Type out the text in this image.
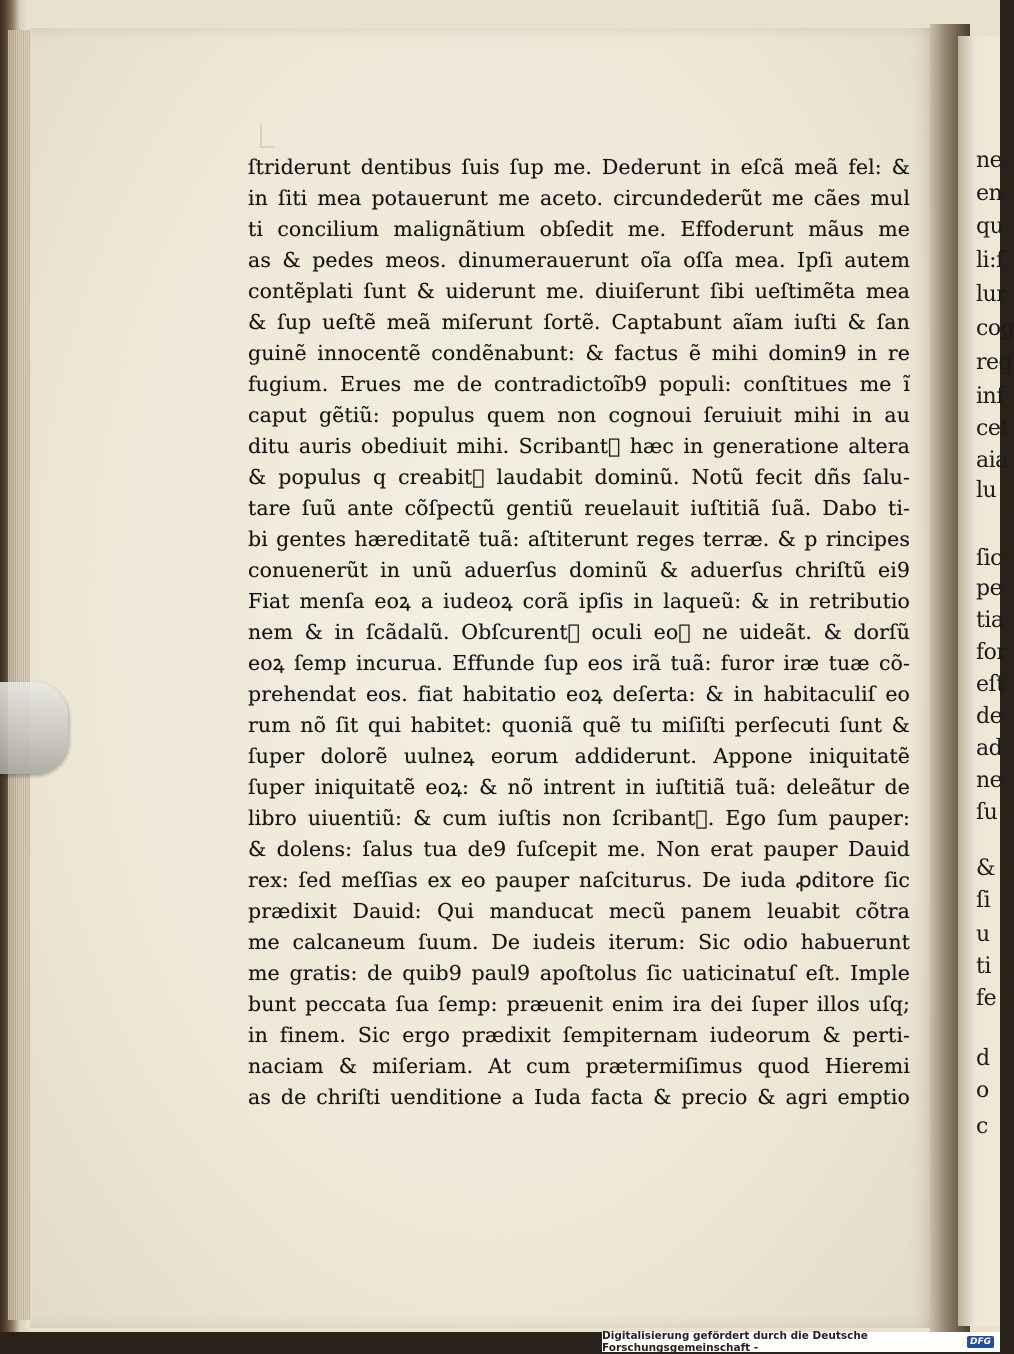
ſtriderunt dentibus ſuis ſup me. Dederunt in eſcã meã fel: &
in ſiti mea potauerunt me aceto. circundederũt me cães mul
ti concilium malignãtium obſedit me. Effoderunt mãus me
as & pedes meos. dinumerauerunt oĩa oſſa mea. Ipſi autem
contẽplati ſunt & uiderunt me. diuiſerunt ſibi ueſtimẽta mea
& ſup ueſtẽ meã miſerunt ſortẽ. Captabunt aĩam iuſti & ſan
guinẽ innocentẽ condẽnabunt: & factus ẽ mihi domin9 in re
fugium. Erues me de contradictoĩb9 populi: conſtitues me ĩ
caput gẽtiũ: populus quem non cognoui ſeruiuit mihi in au
ditu auris obediuit mihi. Scribantᷓ hæc in generatione altera
& populus q creabitᷓ laudabit dominũ. Notũ fecit dñs ſalu-
tare ſuũ ante cõſpectũ gentiũ reuelauit iuſtitiã ſuã. Dabo ti-
bi gentes hæreditatẽ tuã: aſtiterunt reges terræ. & p rincipes
conuenerũt in unũ aduerſus dominũ & aduerſus chriſtũ ei9
Fiat menſa eoꝝ a iudeoꝝ corã ipſis in laqueũ: & in retributio
nem & in ſcãdalũ. Obſcurentᷓ oculi eoꝝ ne uideãt. & dorſũ
eoꝝ ſemp incurua. Effunde ſup eos irã tuã: furor iræ tuæ cõ-
prehendat eos. fiat habitatio eoꝝ deſerta: & in habitaculiſ eo
rum nõ ſit qui habitet: quoniã quẽ tu miſiſti perſecuti ſunt &
ſuper dolorẽ uulneꝝ eorum addiderunt. Appone iniquitatẽ
ſuper iniquitatẽ eoꝝ: & nõ intrent in iuſtitiã tuã: deleãtur de
libro uiuentiũ: & cum iuſtis non ſcribantᷓ. Ego ſum pauper:
& dolens: ſalus tua de9 ſuſcepit me. Non erat pauper Dauid
rex: ſed meſſias ex eo pauper naſciturus. De iuda ꝓditore ſic
prædixit Dauid: Qui manducat mecũ panem leuabit cõtra
me calcaneum ſuum. De iudeis iterum: Sic odio habuerunt
me gratis: de quib9 paul9 apoſtolus ſic uaticinatuſ eſt. Imple
bunt peccata ſua ſemp: præuenit enim ira dei ſuper illos uſq;
in finem. Sic ergo prædixit ſempiternam iudeorum & perti-
naciam & miſeriam. At cum prætermiſimus quod Hieremi
as de chriſti uenditione a Iuda facta & precio & agri emptio
ne
en
qu
li:ſ
lur
cog
req
inf
cet
aia
lu
ſic
pe
tia
for
eſt
de
ad
ne
ſu
&
ſi
u
ti
fe
d
o
c
Digitalisierung gefördert durch die Deutsche Forschungsgemeinschaft -	DFG
